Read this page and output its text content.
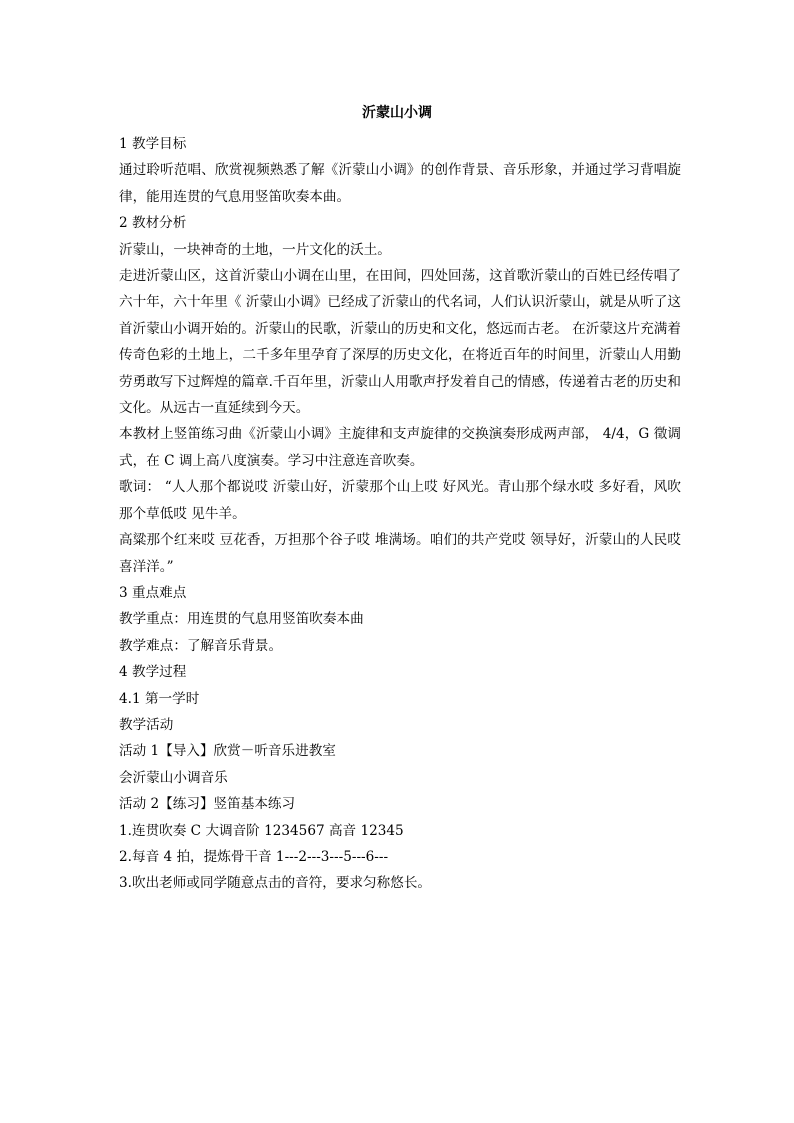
沂蒙山小调

1 教学目标

通过聆听范唱、欣赏视频熟悉了解《沂蒙山小调》的创作背景、音乐形象，并通过学习背唱旋律，能用连贯的气息用竖笛吹奏本曲。

2 教材分析

沂蒙山，一块神奇的土地，一片文化的沃土。

走进沂蒙山区，这首沂蒙山小调在山里，在田间，四处回荡，这首歌沂蒙山的百姓已经传唱了六十年，六十年里《 沂蒙山小调》已经成了沂蒙山的代名词，人们认识沂蒙山，就是从听了这首沂蒙山小调开始的。沂蒙山的民歌，沂蒙山的历史和文化，悠远而古老。 在沂蒙这片充满着传奇色彩的土地上，二千多年里孕育了深厚的历史文化，在将近百年的时间里，沂蒙山人用勤劳勇敢写下过辉煌的篇章.千百年里，沂蒙山人用歌声抒发着自己的情感，传递着古老的历史和文化。从远古一直延续到今天。

本教材上竖笛练习曲《沂蒙山小调》主旋律和支声旋律的交换演奏形成两声部， 4/4，G 徵调式，在 C 调上高八度演奏。学习中注意连音吹奏。

歌词： “人人那个都说哎 沂蒙山好，沂蒙那个山上哎 好风光。青山那个绿水哎 多好看，风吹那个草低哎 见牛羊。

高粱那个红来哎 豆花香，万担那个谷子哎 堆满场。咱们的共产党哎 领导好，沂蒙山的人民哎 喜洋洋。”

3 重点难点

教学重点：用连贯的气息用竖笛吹奏本曲

教学难点：了解音乐背景。

4 教学过程

4.1 第一学时

教学活动

活动 1【导入】欣赏－听音乐进教室

会沂蒙山小调音乐

活动 2【练习】竖笛基本练习

1.连贯吹奏 C 大调音阶 1234567 高音 12345

2.每音 4 拍，提炼骨干音 1---2---3---5---6---

3.吹出老师或同学随意点击的音符，要求匀称悠长。
